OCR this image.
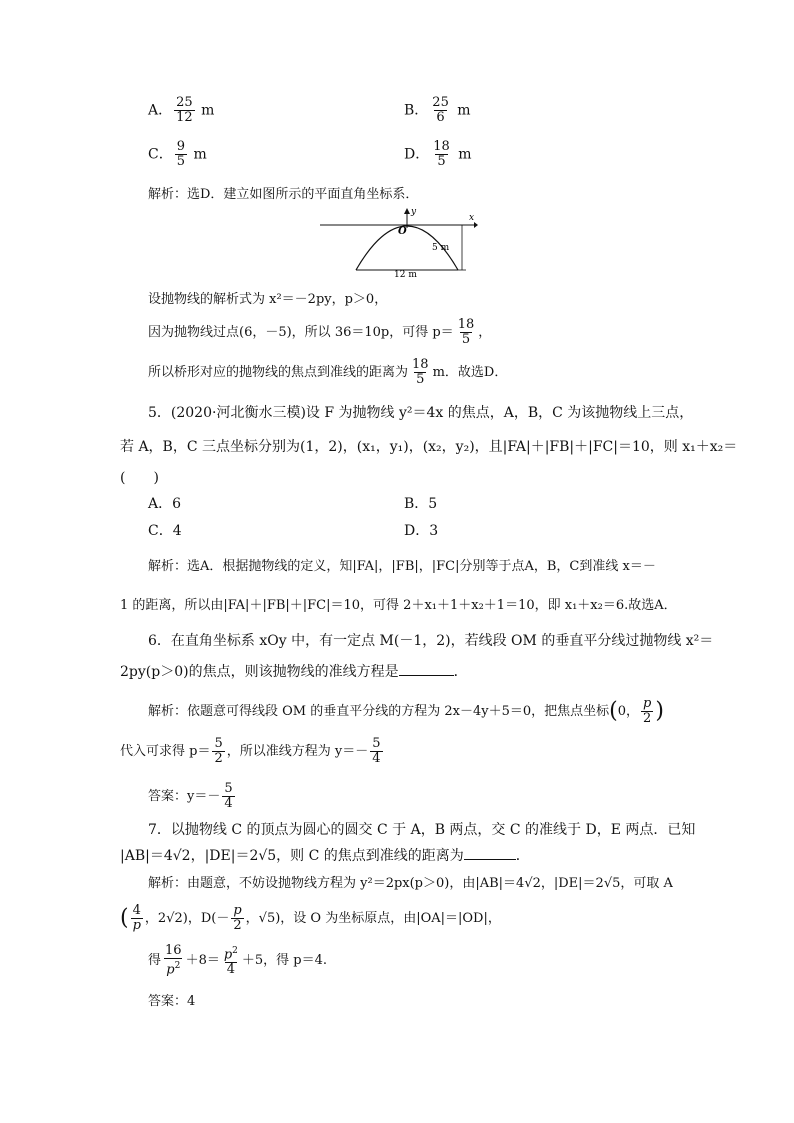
A． $\frac{25}{12}$ m	B． $\frac{25}{6}$ m
C． $\frac{9}{5}$ m	D． $\frac{18}{5}$ m
解析：选D．建立如图所示的平面直角坐标系．
y
x
O
5 m
12 m
设抛物线的解析式为 x²＝－2py，p＞0，
因为抛物线过点(6，－5)，所以 36＝10p，可得 $p= \frac{18}{5}$ ，
所以桥形对应的抛物线的焦点到准线的距离为 $\frac{18}{5}$ m．故选D．
5．(2020·河北衡水三模)设 F 为抛物线 y²＝4x 的焦点，A，B，C 为该抛物线上三点，
若 A，B，C 三点坐标分别为(1，2)，(x₁，y₁)，(x₂，y₂)，且|FA|＋|FB|＋|FC|＝10，则 x₁＋x₂＝
(　　)
A．6	B．5
C．4	D．3
解析：选A．根据抛物线的定义，知|FA|，|FB|，|FC|分别等于点A，B，C到准线 x＝－
1 的距离，所以由|FA|＋|FB|＋|FC|＝10，可得 2＋x₁＋1＋x₂＋1＝10，即 x₁＋x₂＝6.故选A．
6．在直角坐标系 xOy 中，有一定点 M(－1，2)，若线段 OM 的垂直平分线过抛物线 x²＝
2py(p＞0)的焦点，则该抛物线的准线方程是	．
解析：依题意可得线段 OM 的垂直平分线的方程为 2x－4y＋5＝0，把焦点坐标(0， $\frac{p}{2}$ )
代入可求得 $p= \frac{5}{2}$ ，所以准线方程为 $y=- \frac{5}{4}$
答案：$y=- \frac{5}{4}$
7．以抛物线 C 的顶点为圆心的圆交 C 于 A，B 两点，交 C 的准线于 D，E 两点．已知
|AB|＝4√2，|DE|＝2√5，则 C 的焦点到准线的距离为	．
解析：由题意，不妨设抛物线方程为 y²＝2px(p＞0)，由|AB|＝4√2，|DE|＝2√5，可取 A
( $\frac{4}{p}$ ，2√2)，$D(- \frac{p}{2}$ ，√5)，设 O 为坐标原点，由|OA|＝|OD|，
得 $\frac{16}{p^2} +8= \frac{p^2}{4} +5$，得 p＝4.
答案：4
